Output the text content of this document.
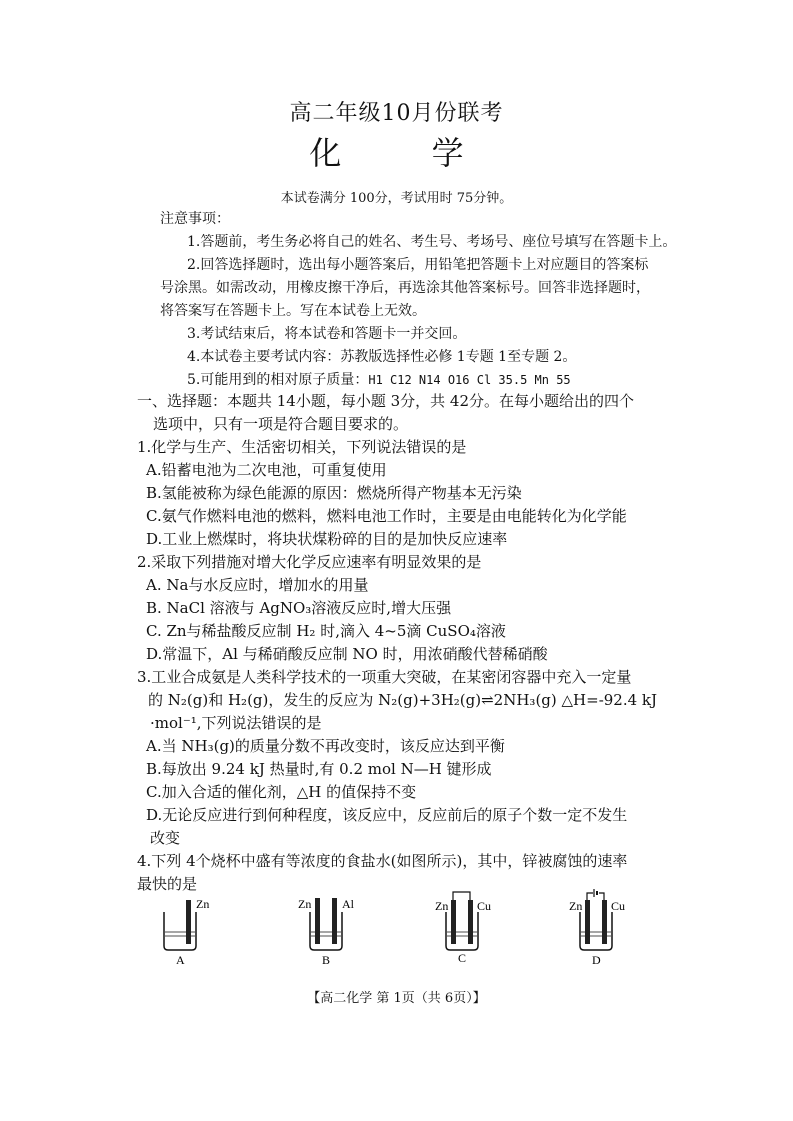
高二年级10月份联考
化 学
本试卷满分 100分，考试用时 75分钟。
注意事项：
1.答题前，考生务必将自己的姓名、考生号、考场号、座位号填写在答题卡上。
2.回答选择题时，选出每小题答案后，用铅笔把答题卡上对应题目的答案标
号涂黑。如需改动，用橡皮擦干净后，再选涂其他答案标号。回答非选择题时，
将答案写在答题卡上。写在本试卷上无效。
3.考试结束后，将本试卷和答题卡一并交回。
4.本试卷主要考试内容：苏教版选择性必修 1专题 1至专题 2。
5.可能用到的相对原子质量：H1 C12 N14 O16 Cl 35.5 Mn 55
一、选择题：本题共 14小题，每小题 3分，共 42分。在每小题给出的四个
选项中，只有一项是符合题目要求的。
1.化学与生产、生活密切相关，下列说法错误的是
A.铅蓄电池为二次电池，可重复使用
B.氢能被称为绿色能源的原因：燃烧所得产物基本无污染
C.氨气作燃料电池的燃料，燃料电池工作时，主要是由电能转化为化学能
D.工业上燃煤时，将块状煤粉碎的目的是加快反应速率
2.采取下列措施对增大化学反应速率有明显效果的是
A. Na与水反应时，增加水的用量
B. NaCl 溶液与 AgNO₃溶液反应时,增大压强
C. Zn与稀盐酸反应制 H₂ 时,滴入 4~5滴 CuSO₄溶液
D.常温下，Al 与稀硝酸反应制 NO 时，用浓硝酸代替稀硝酸
3.工业合成氨是人类科学技术的一项重大突破，在某密闭容器中充入一定量
的 N₂(g)和 H₂(g)，发生的反应为 N₂(g)+3H₂(g)⇌2NH₃(g) △H=-92.4 kJ
·mol⁻¹,下列说法错误的是
A.当 NH₃(g)的质量分数不再改变时，该反应达到平衡
B.每放出 9.24 kJ 热量时,有 0.2 mol N—H 键形成
C.加入合适的催化剂，△H 的值保持不变
D.无论反应进行到何种程度，该反应中，反应前后的原子个数一定不发生
改变
4.下列 4个烧杯中盛有等浓度的食盐水(如图所示)，其中，锌被腐蚀的速率
最快的是
Zn
A
Zn	Al
B
Zn Cu
C
Zn Cu
D
【高二化学 第 1页（共 6页）】
